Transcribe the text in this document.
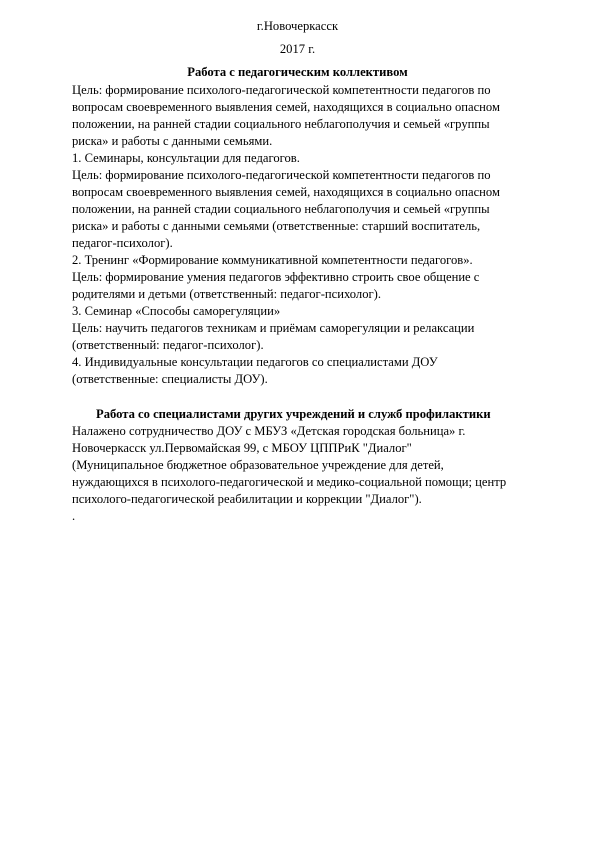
г.Новочеркасск
2017 г.
Работа с педагогическим коллективом
Цель: формирование психолого-педагогической компетентности педагогов по
вопросам своевременного выявления семей, находящихся в социально опасном
положении, на ранней стадии социального неблагополучия и семьей «группы
риска» и работы с данными семьями.
1. Семинары, консультации для педагогов.
Цель: формирование психолого-педагогической компетентности педагогов по
вопросам своевременного выявления семей, находящихся в социально опасном
положении, на ранней стадии социального неблагополучия и семьей «группы
риска» и работы с данными семьями (ответственные: старший воспитатель,
педагог-психолог).
2. Тренинг «Формирование коммуникативной компетентности педагогов».
Цель: формирование умения педагогов эффективно строить свое общение с
родителями и детьми (ответственный: педагог-психолог).
3. Семинар «Способы саморегуляции»
Цель: научить педагогов техникам и приёмам саморегуляции и релаксации
(ответственный: педагог-психолог).
4. Индивидуальные консультации педагогов со специалистами ДОУ
(ответственные: специалисты ДОУ).
Работа со специалистами других учреждений и служб профилактики
Налажено сотрудничество ДОУ с МБУЗ «Детская городская больница» г.
Новочеркасск ул.Первомайская 99, с МБОУ ЦППРиК "Диалог"
(Муниципальное бюджетное образовательное учреждение для детей,
нуждающихся в психолого-педагогической и медико-социальной помощи; центр
психолого-педагогической реабилитации и коррекции "Диалог").
.
